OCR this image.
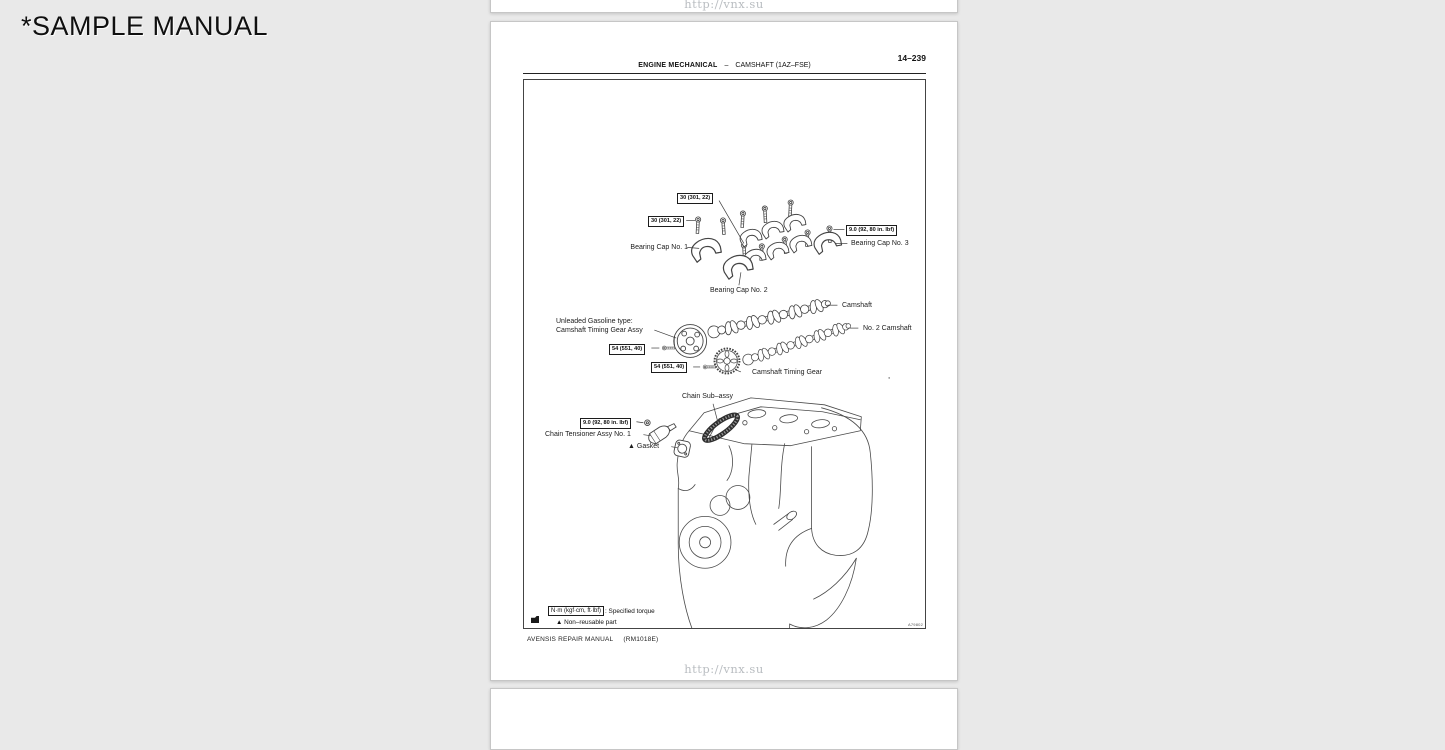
*SAMPLE MANUAL
http://vnx.su
14–239
ENGINE MECHANICAL – CAMSHAFT (1AZ–FSE)
30 (301, 22)
30 (301, 22)
9.0 (92, 80 in. lbf)
54 (551, 40)
54 (551, 40)
9.0 (92, 80 in. lbf)
Bearing Cap No. 1
Bearing Cap No. 2
Bearing Cap No. 3
Camshaft
No. 2 Camshaft
Unleaded Gasoline type:
Camshaft Timing Gear Assy
Camshaft Timing Gear
Chain Sub–assy
Chain Tensioner Assy No. 1
▲ Gasket
N·m (kgf·cm, ft·lbf) : Specified torque
▲ Non–reusable part	A79802
AVENSIS REPAIR MANUAL (RM1018E)
http://vnx.su
